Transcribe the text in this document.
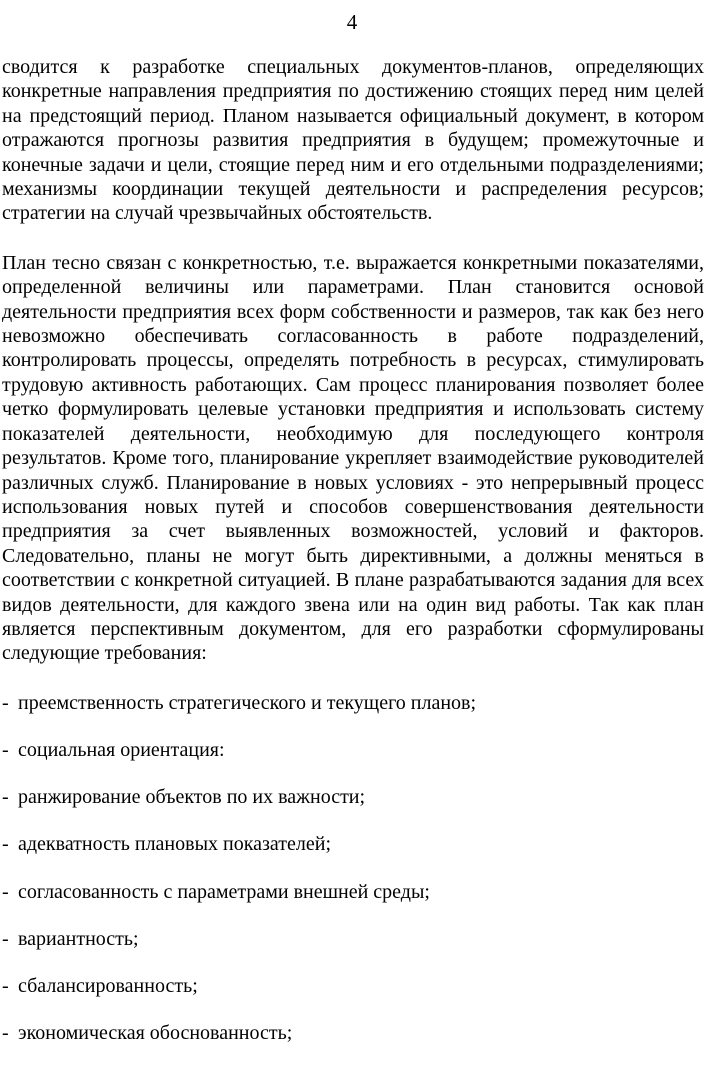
4

сводится к разработке специальных документов-планов, определяющих конкретные направления предприятия по достижению стоящих перед ним целей на предстоящий период. Планом называется официальный документ, в котором отражаются прогнозы развития предприятия в будущем; промежуточные и конечные задачи и цели, стоящие перед ним и его отдельными подразделениями; механизмы координации текущей деятельности и распределения ресурсов; стратегии на случай чрезвычайных обстоятельств.

План тесно связан с конкретностью, т.е. выражается конкретными показателями, определенной величины или параметрами. План становится основой деятельности предприятия всех форм собственности и размеров, так как без него невозможно обеспечивать согласованность в работе подразделений, контролировать процессы, определять потребность в ресурсах, стимулировать трудовую активность работающих. Сам процесс планирования позволяет более четко формулировать целевые установки предприятия и использовать систему показателей деятельности, необходимую для последующего контроля результатов. Кроме того, планирование укрепляет взаимодействие руководителей различных служб. Планирование в новых условиях - это непрерывный процесс использования новых путей и способов совершенствования деятельности предприятия за счет выявленных возможностей, условий и факторов. Следовательно, планы не могут быть директивными, а должны меняться в соответствии с конкретной ситуацией. В плане разрабатываются задания для всех видов деятельности, для каждого звена или на один вид работы. Так как план является перспективным документом, для его разработки сформулированы следующие требования:

- преемственность стратегического и текущего планов;

- социальная ориентация:

- ранжирование объектов по их важности;

- адекватность плановых показателей;

- согласованность с параметрами внешней среды;

- вариантность;

- сбалансированность;

- экономическая обоснованность;
